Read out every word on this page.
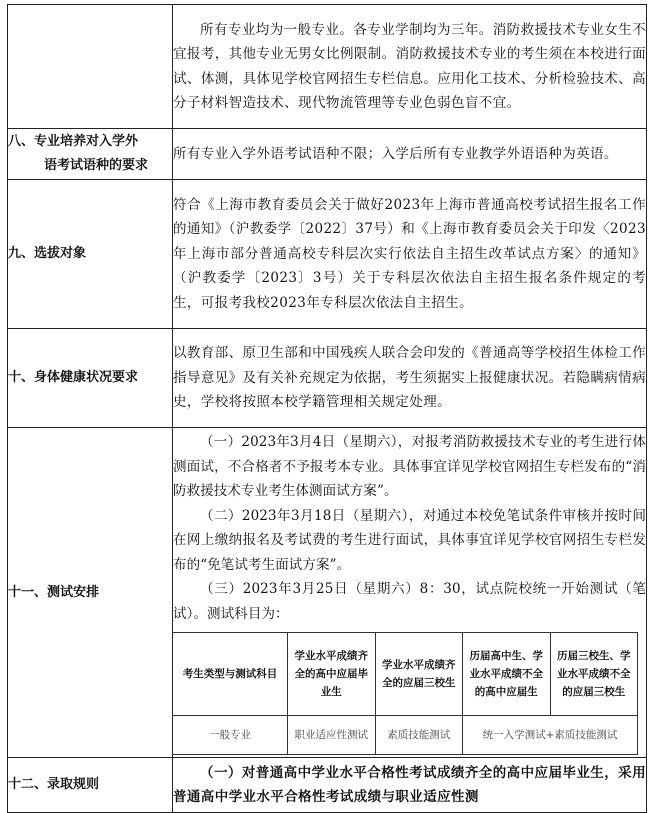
所有专业均为一般专业。各专业学制均为三年。消防救援技术专业女生不宜报考，其他专业无男女比例限制。消防救援技术专业的考生须在本校进行面试、体测，具体见学校官网招生专栏信息。应用化工技术、分析检验技术、高分子材料智造技术、现代物流管理等专业色弱色盲不宜。

八、专业培养对入学外
语考试语种的要求

所有专业入学外语考试语种不限；入学后所有专业教学外语语种为英语。

九、选拔对象	

符合《上海市教育委员会关于做好2023年上海市普通高校考试招生报名工作的通知》（沪教委学〔2022〕37号）和《上海市教育委员会关于印发〈2023年上海市部分普通高校专科层次实行依法自主招生改革试点方案〉的通知》（沪教委学〔2023〕3号）关于专科层次依法自主招生报名条件规定的考生，可报考我校2023年专科层次依法自主招生。

十、身体健康状况要求	

以教育部、原卫生部和中国残疾人联合会印发的《普通高等学校招生体检工作指导意见》及有关补充规定为依据，考生须据实上报健康状况。若隐瞒病情病史，学校将按照本校学籍管理相关规定处理。

十一、测试安排	

（一）2023年3月4日（星期六），对报考消防救援技术专业的考生进行体测面试，不合格者不予报考本专业。具体事宜详见学校官网招生专栏发布的“消防救援技术专业考生体测面试方案”。

（二）2023年3月18日（星期六），对通过本校免笔试条件审核并按时间在网上缴纳报名及考试费的考生进行面试，具体事宜详见学校官网招生专栏发布的“免笔试考生面试方案”。

（三）2023年3月25日（星期六）8：30，试点院校统一开始测试（笔试）。测试科目为：

考生类型与测试科目	学业水平成绩齐全的高中应届毕业生	学业水平成绩齐全的应届三校生	历届高中生、学业水平成绩不全的高中应届生	历届三校生、学业水平成绩不全的应届三校生
一般专业	职业适应性测试	素质技能测试	统一入学测试+素质技能测试

十二、录取规则	

（一）对普通高中学业水平合格性考试成绩齐全的高中应届毕业生，采用普通高中学业水平合格性考试成绩与职业适应性测
